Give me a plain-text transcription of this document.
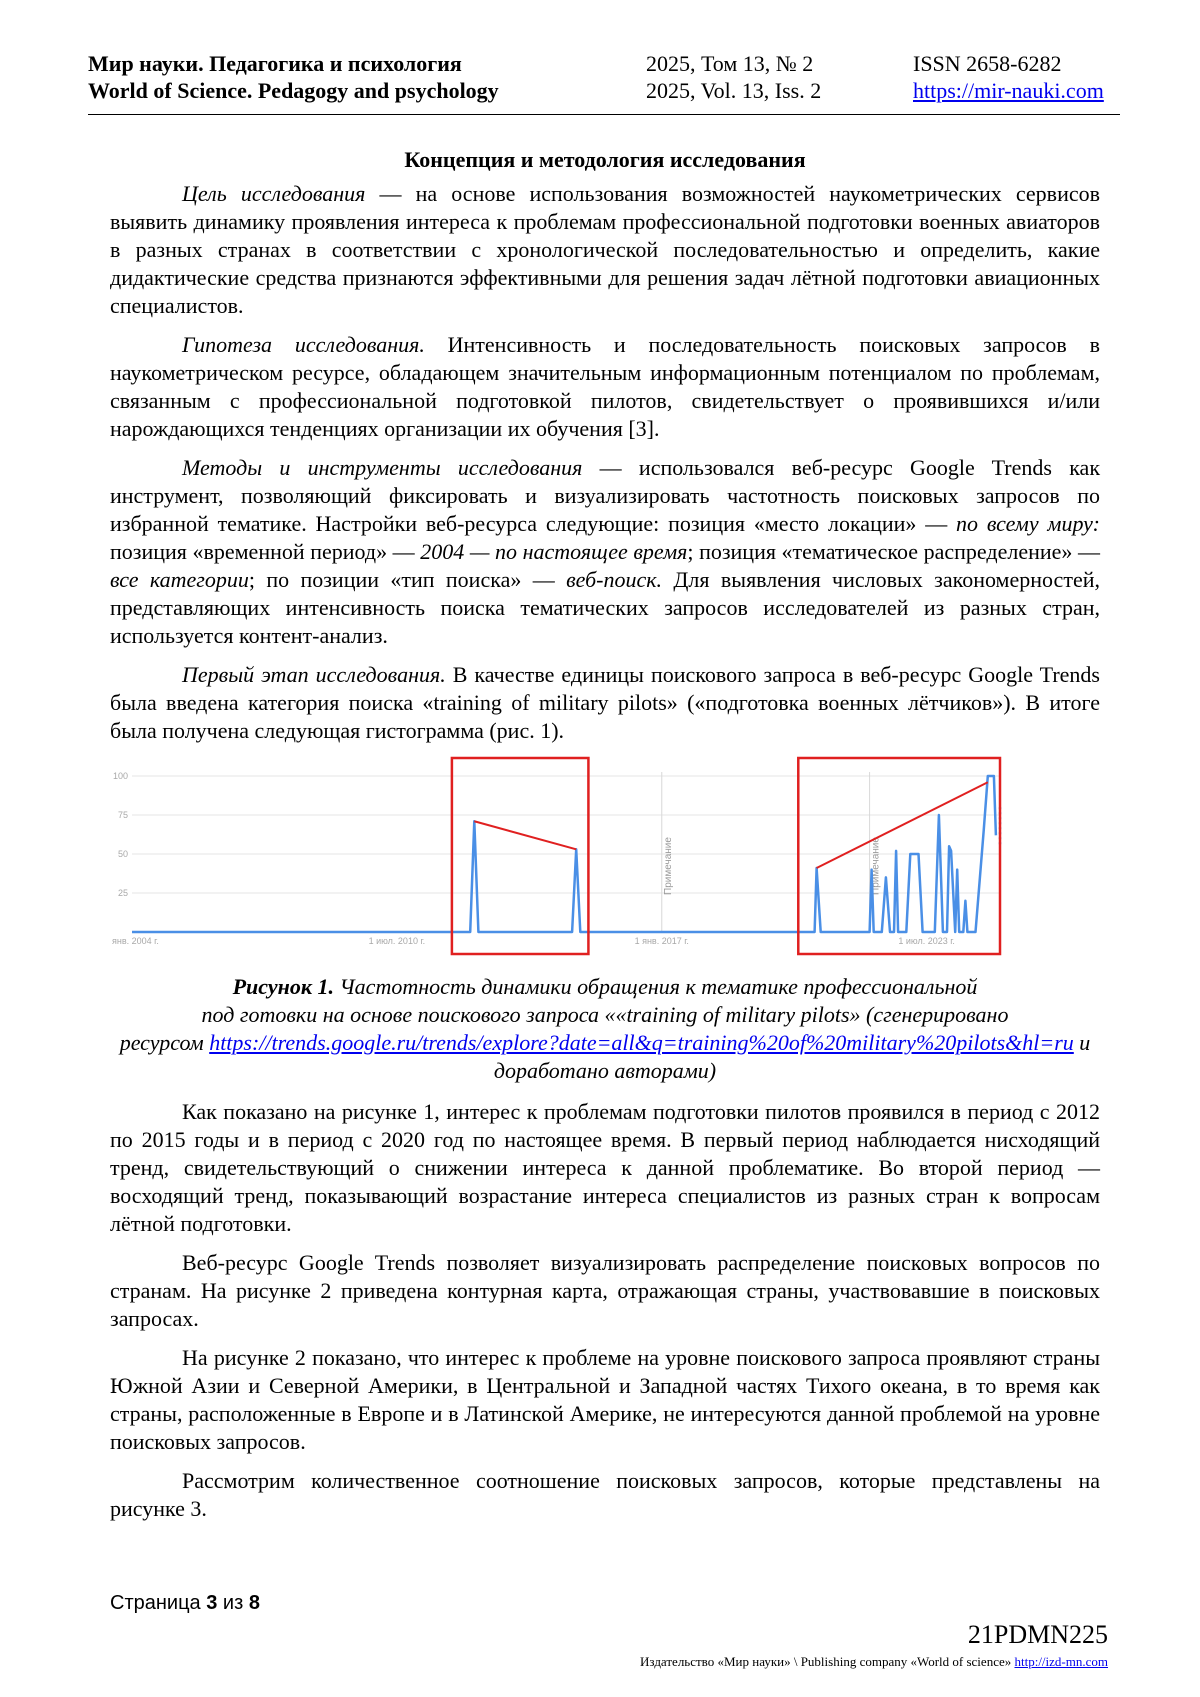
Мир науки. Педагогика и психология
World of Science. Pedagogy and psychology
2025, Том 13, № 2
2025, Vol. 13, Iss. 2
ISSN 2658-6282
https://mir-nauki.com
Концепция и методология исследования

Цель исследования — на основе использования возможностей наукометрических сервисов выявить динамику проявления интереса к проблемам профессиональной подготовки военных авиаторов в разных странах в соответствии с хронологической последовательностью и определить, какие дидактические средства признаются эффективными для решения задач лётной подготовки авиационных специалистов.

Гипотеза исследования. Интенсивность и последовательность поисковых запросов в наукометрическом ресурсе, обладающем значительным информационным потенциалом по проблемам, связанным с профессиональной подготовкой пилотов, свидетельствует о проявившихся и/или нарождающихся тенденциях организации их обучения [3].

Методы и инструменты исследования — использовался веб-ресурс Google Trends как инструмент, позволяющий фиксировать и визуализировать частотность поисковых запросов по избранной тематике. Настройки веб-ресурса следующие: позиция «место локации» — по всему миру: позиция «временной период» — 2004 — по настоящее время; позиция «тематическое распределение» — все категории; по позиции «тип поиска» — веб-поиск. Для выявления числовых закономерностей, представляющих интенсивность поиска тематических запросов исследователей из разных стран, используется контент-анализ.

Первый этап исследования. В качестве единицы поискового запроса в веб-ресурс Google Trends была введена категория поиска «training of military pilots» («подготовка военных лётчиков»). В итоге была получена следующая гистограмма (рис. 1).

25
50
75
100
Примечание	Примечание
янв. 2004 г.	1 июл. 2010 г.	1 янв. 2017 г.	1 июл. 2023 г.
Рисунок 1. Частотность динамики обращения к тематике профессиональной
под готовки на основе поискового запроса ««training of military pilots» (сгенерировано
ресурсом https://trends.google.ru/trends/explore?date=all&q=training%20of%20military%20pilots&hl=ru и доработано авторами)

Как показано на рисунке 1, интерес к проблемам подготовки пилотов проявился в период с 2012 по 2015 годы и в период с 2020 год по настоящее время. В первый период наблюдается нисходящий тренд, свидетельствующий о снижении интереса к данной проблематике. Во второй период — восходящий тренд, показывающий возрастание интереса специалистов из разных стран к вопросам лётной подготовки.

Веб-ресурс Google Trends позволяет визуализировать распределение поисковых вопросов по странам. На рисунке 2 приведена контурная карта, отражающая страны, участвовавшие в поисковых запросах.

На рисунке 2 показано, что интерес к проблеме на уровне поискового запроса проявляют страны Южной Азии и Северной Америки, в Центральной и Западной частях Тихого океана, в то время как страны, расположенные в Европе и в Латинской Америке, не интересуются данной проблемой на уровне поисковых запросов.

Рассмотрим количественное соотношение поисковых запросов, которые представлены на рисунке 3.

Страница 3 из 8
21PDMN225
Издательство «Мир науки» \ Publishing company «World of science» http://izd-mn.com
